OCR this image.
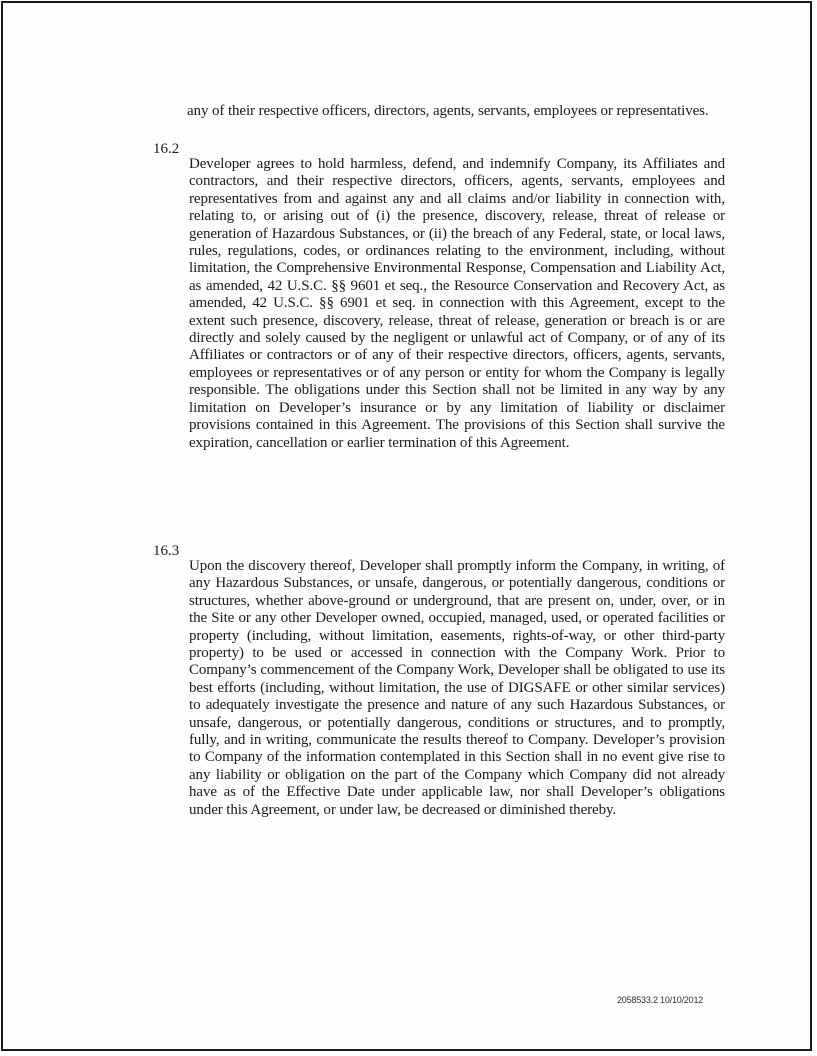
any of their respective officers, directors, agents, servants, employees or representatives.

16.2

Developer agrees to hold harmless, defend, and indemnify Company, its Affiliates and contractors, and their respective directors, officers, agents, servants, employees and representatives from and against any and all claims and/or liability in connection with, relating to, or arising out of (i) the presence, discovery, release, threat of release or generation of Hazardous Substances, or (ii) the breach of any Federal, state, or local laws, rules, regulations, codes, or ordinances relating to the environment, including, without limitation, the Comprehensive Environmental Response, Compensation and Liability Act, as amended, 42 U.S.C. §§ 9601 et seq., the Resource Conservation and Recovery Act, as amended, 42 U.S.C. §§ 6901 et seq. in connection with this Agreement, except to the extent such presence, discovery, release, threat of release, generation or breach is or are directly and solely caused by the negligent or unlawful act of Company, or of any of its Affiliates or contractors or of any of their respective directors, officers, agents, servants, employees or representatives or of any person or entity for whom the Company is legally responsible. The obligations under this Section shall not be limited in any way by any limitation on Developer’s insurance or by any limitation of liability or disclaimer provisions contained in this Agreement. The provisions of this Section shall survive the expiration, cancellation or earlier termination of this Agreement.

16.3

Upon the discovery thereof, Developer shall promptly inform the Company, in writing, of any Hazardous Substances, or unsafe, dangerous, or potentially dangerous, conditions or structures, whether above-ground or underground, that are present on, under, over, or in the Site or any other Developer owned, occupied, managed, used, or operated facilities or property (including, without limitation, easements, rights-of-way, or other third-party property) to be used or accessed in connection with the Company Work. Prior to Company’s commencement of the Company Work, Developer shall be obligated to use its best efforts (including, without limitation, the use of DIGSAFE or other similar services) to adequately investigate the presence and nature of any such Hazardous Substances, or unsafe, dangerous, or potentially dangerous, conditions or structures, and to promptly, fully, and in writing, communicate the results thereof to Company. Developer’s provision to Company of the information contemplated in this Section shall in no event give rise to any liability or obligation on the part of the Company which Company did not already have as of the Effective Date under applicable law, nor shall Developer’s obligations under this Agreement, or under law, be decreased or diminished thereby.

2058533.2 10/10/2012
